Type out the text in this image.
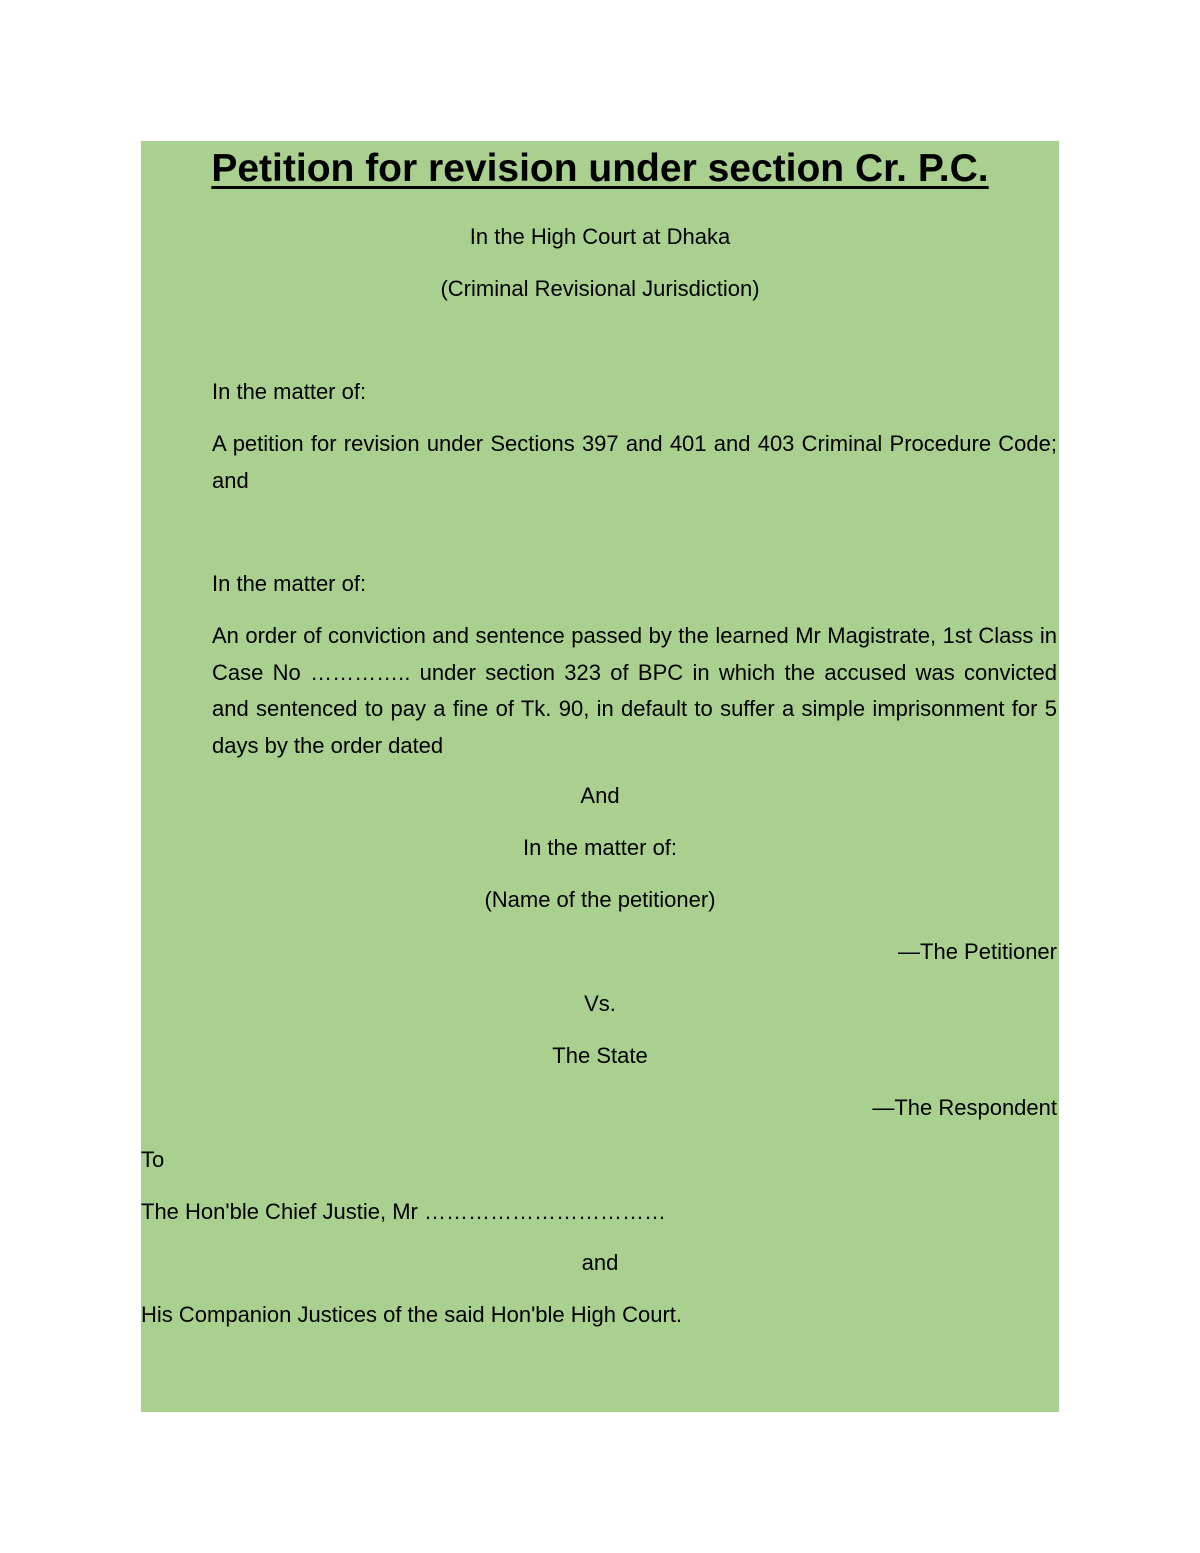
Petition for revision under section Cr. P.C.
In the High Court at Dhaka
(Criminal Revisional Jurisdiction)
In the matter of:
A petition for revision under Sections 397 and 401 and 403 Criminal Procedure Code; and
In the matter of:
An order of conviction and sentence passed by the learned Mr Magistrate, 1st Class in Case No ………….. under section 323 of BPC in which the accused was convicted and sentenced to pay a fine of Tk. 90, in default to suffer a simple imprisonment for 5 days by the order dated
And
In the matter of:
(Name of the petitioner)
—The Petitioner
Vs.
The State
—The Respondent
To
The Hon'ble Chief Justie, Mr ……………………………
and
His Companion Justices of the said Hon'ble High Court.
